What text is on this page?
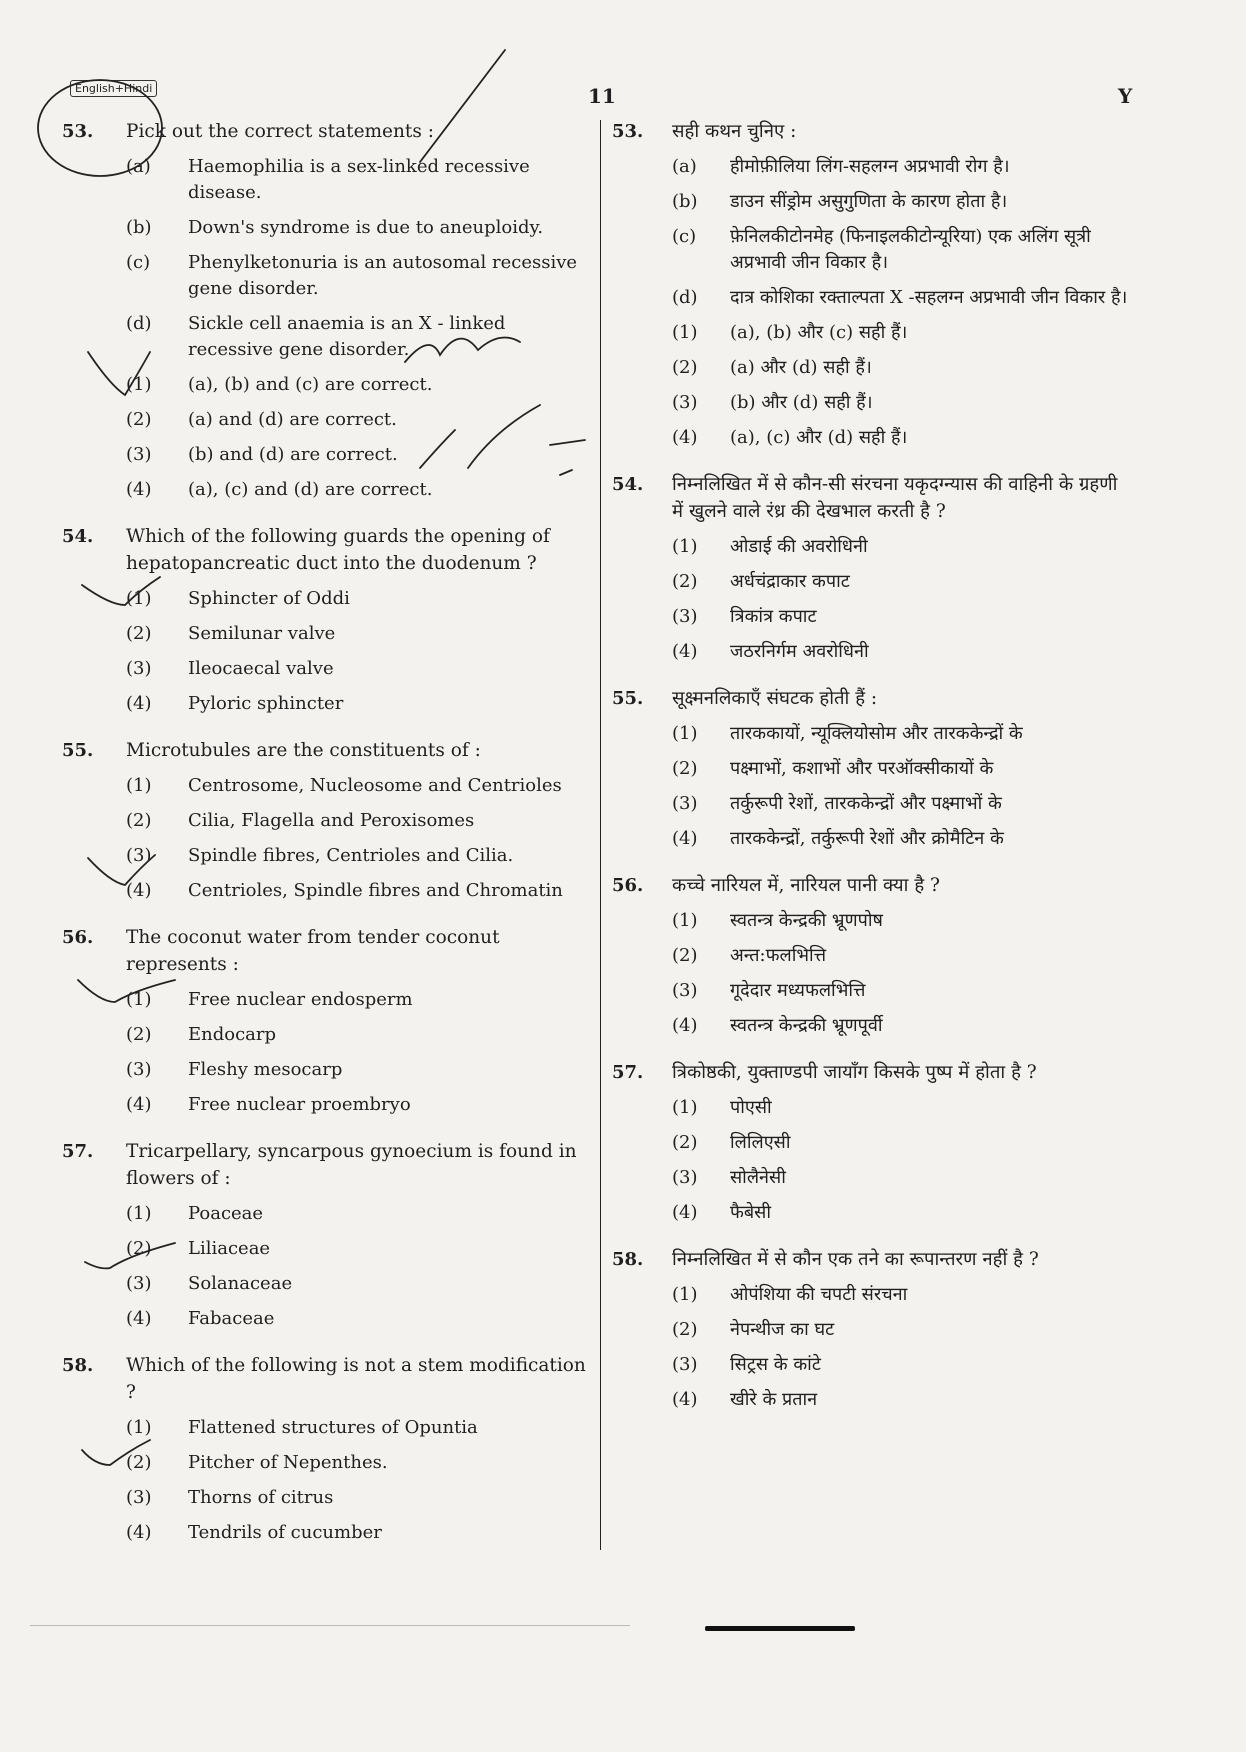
English+Hindi	11	Y
53. Pick out the correct statements :
(a) Haemophilia is a sex-linked recessive disease.
(b) Down's syndrome is due to aneuploidy.
(c) Phenylketonuria is an autosomal recessive gene disorder.
(d) Sickle cell anaemia is an X - linked recessive gene disorder.
(1) (a), (b) and (c) are correct.
(2) (a) and (d) are correct.
(3) (b) and (d) are correct.
(4) (a), (c) and (d) are correct.
54. Which of the following guards the opening of hepatopancreatic duct into the duodenum ?
(1) Sphincter of Oddi
(2) Semilunar valve
(3) Ileocaecal valve
(4) Pyloric sphincter
55. Microtubules are the constituents of :
(1) Centrosome, Nucleosome and Centrioles
(2) Cilia, Flagella and Peroxisomes
(3) Spindle fibres, Centrioles and Cilia.
(4) Centrioles, Spindle fibres and Chromatin
56. The coconut water from tender coconut represents :
(1) Free nuclear endosperm
(2) Endocarp
(3) Fleshy mesocarp
(4) Free nuclear proembryo
57. Tricarpellary, syncarpous gynoecium is found in flowers of :
(1) Poaceae
(2) Liliaceae
(3) Solanaceae
(4) Fabaceae
58. Which of the following is not a stem modification ?
(1) Flattened structures of Opuntia
(2) Pitcher of Nepenthes.
(3) Thorns of citrus
(4) Tendrils of cucumber
53. सही कथन चुनिए :
(a) हीमोफ़ीलिया लिंग-सहलग्न अप्रभावी रोग है।
(b) डाउन सींड्रोम असुगुणिता के कारण होता है।
(c) फ़ेनिलकीटोनमेह (फिनाइलकीटोन्यूरिया) एक अलिंग सूत्री अप्रभावी जीन विकार है।
(d) दात्र कोशिका रक्ताल्पता X -सहलग्न अप्रभावी जीन विकार है।
(1) (a), (b) और (c) सही हैं।
(2) (a) और (d) सही हैं।
(3) (b) और (d) सही हैं।
(4) (a), (c) और (d) सही हैं।
54. निम्नलिखित में से कौन-सी संरचना यकृदग्न्यास की वाहिनी के ग्रहणी में खुलने वाले रंध्र की देखभाल करती है ?
(1) ओडाई की अवरोधिनी
(2) अर्धचंद्राकार कपाट
(3) त्रिकांत्र कपाट
(4) जठरनिर्गम अवरोधिनी
55. सूक्ष्मनलिकाएँ संघटक होती हैं :
(1) तारककायों, न्यूक्लियोसोम और तारककेन्द्रों के
(2) पक्ष्माभों, कशाभों और परऑक्सीकायों के
(3) तर्कुरूपी रेशों, तारककेन्द्रों और पक्ष्माभों के
(4) तारककेन्द्रों, तर्कुरूपी रेशों और क्रोमैटिन के
56. कच्चे नारियल में, नारियल पानी क्या है ?
(1) स्वतन्त्र केन्द्रकी भ्रूणपोष
(2) अन्त:फलभित्ति
(3) गूदेदार मध्यफलभित्ति
(4) स्वतन्त्र केन्द्रकी भ्रूणपूर्वी
57. त्रिकोष्ठकी, युक्ताण्डपी जायाँग किसके पुष्प में होता है ?
(1) पोएसी
(2) लिलिएसी
(3) सोलैनेसी
(4) फैबेसी
58. निम्नलिखित में से कौन एक तने का रूपान्तरण नहीं है ?
(1) ओपंशिया की चपटी संरचना
(2) नेपन्थीज का घट
(3) सिट्रस के कांटे
(4) खीरे के प्रतान
